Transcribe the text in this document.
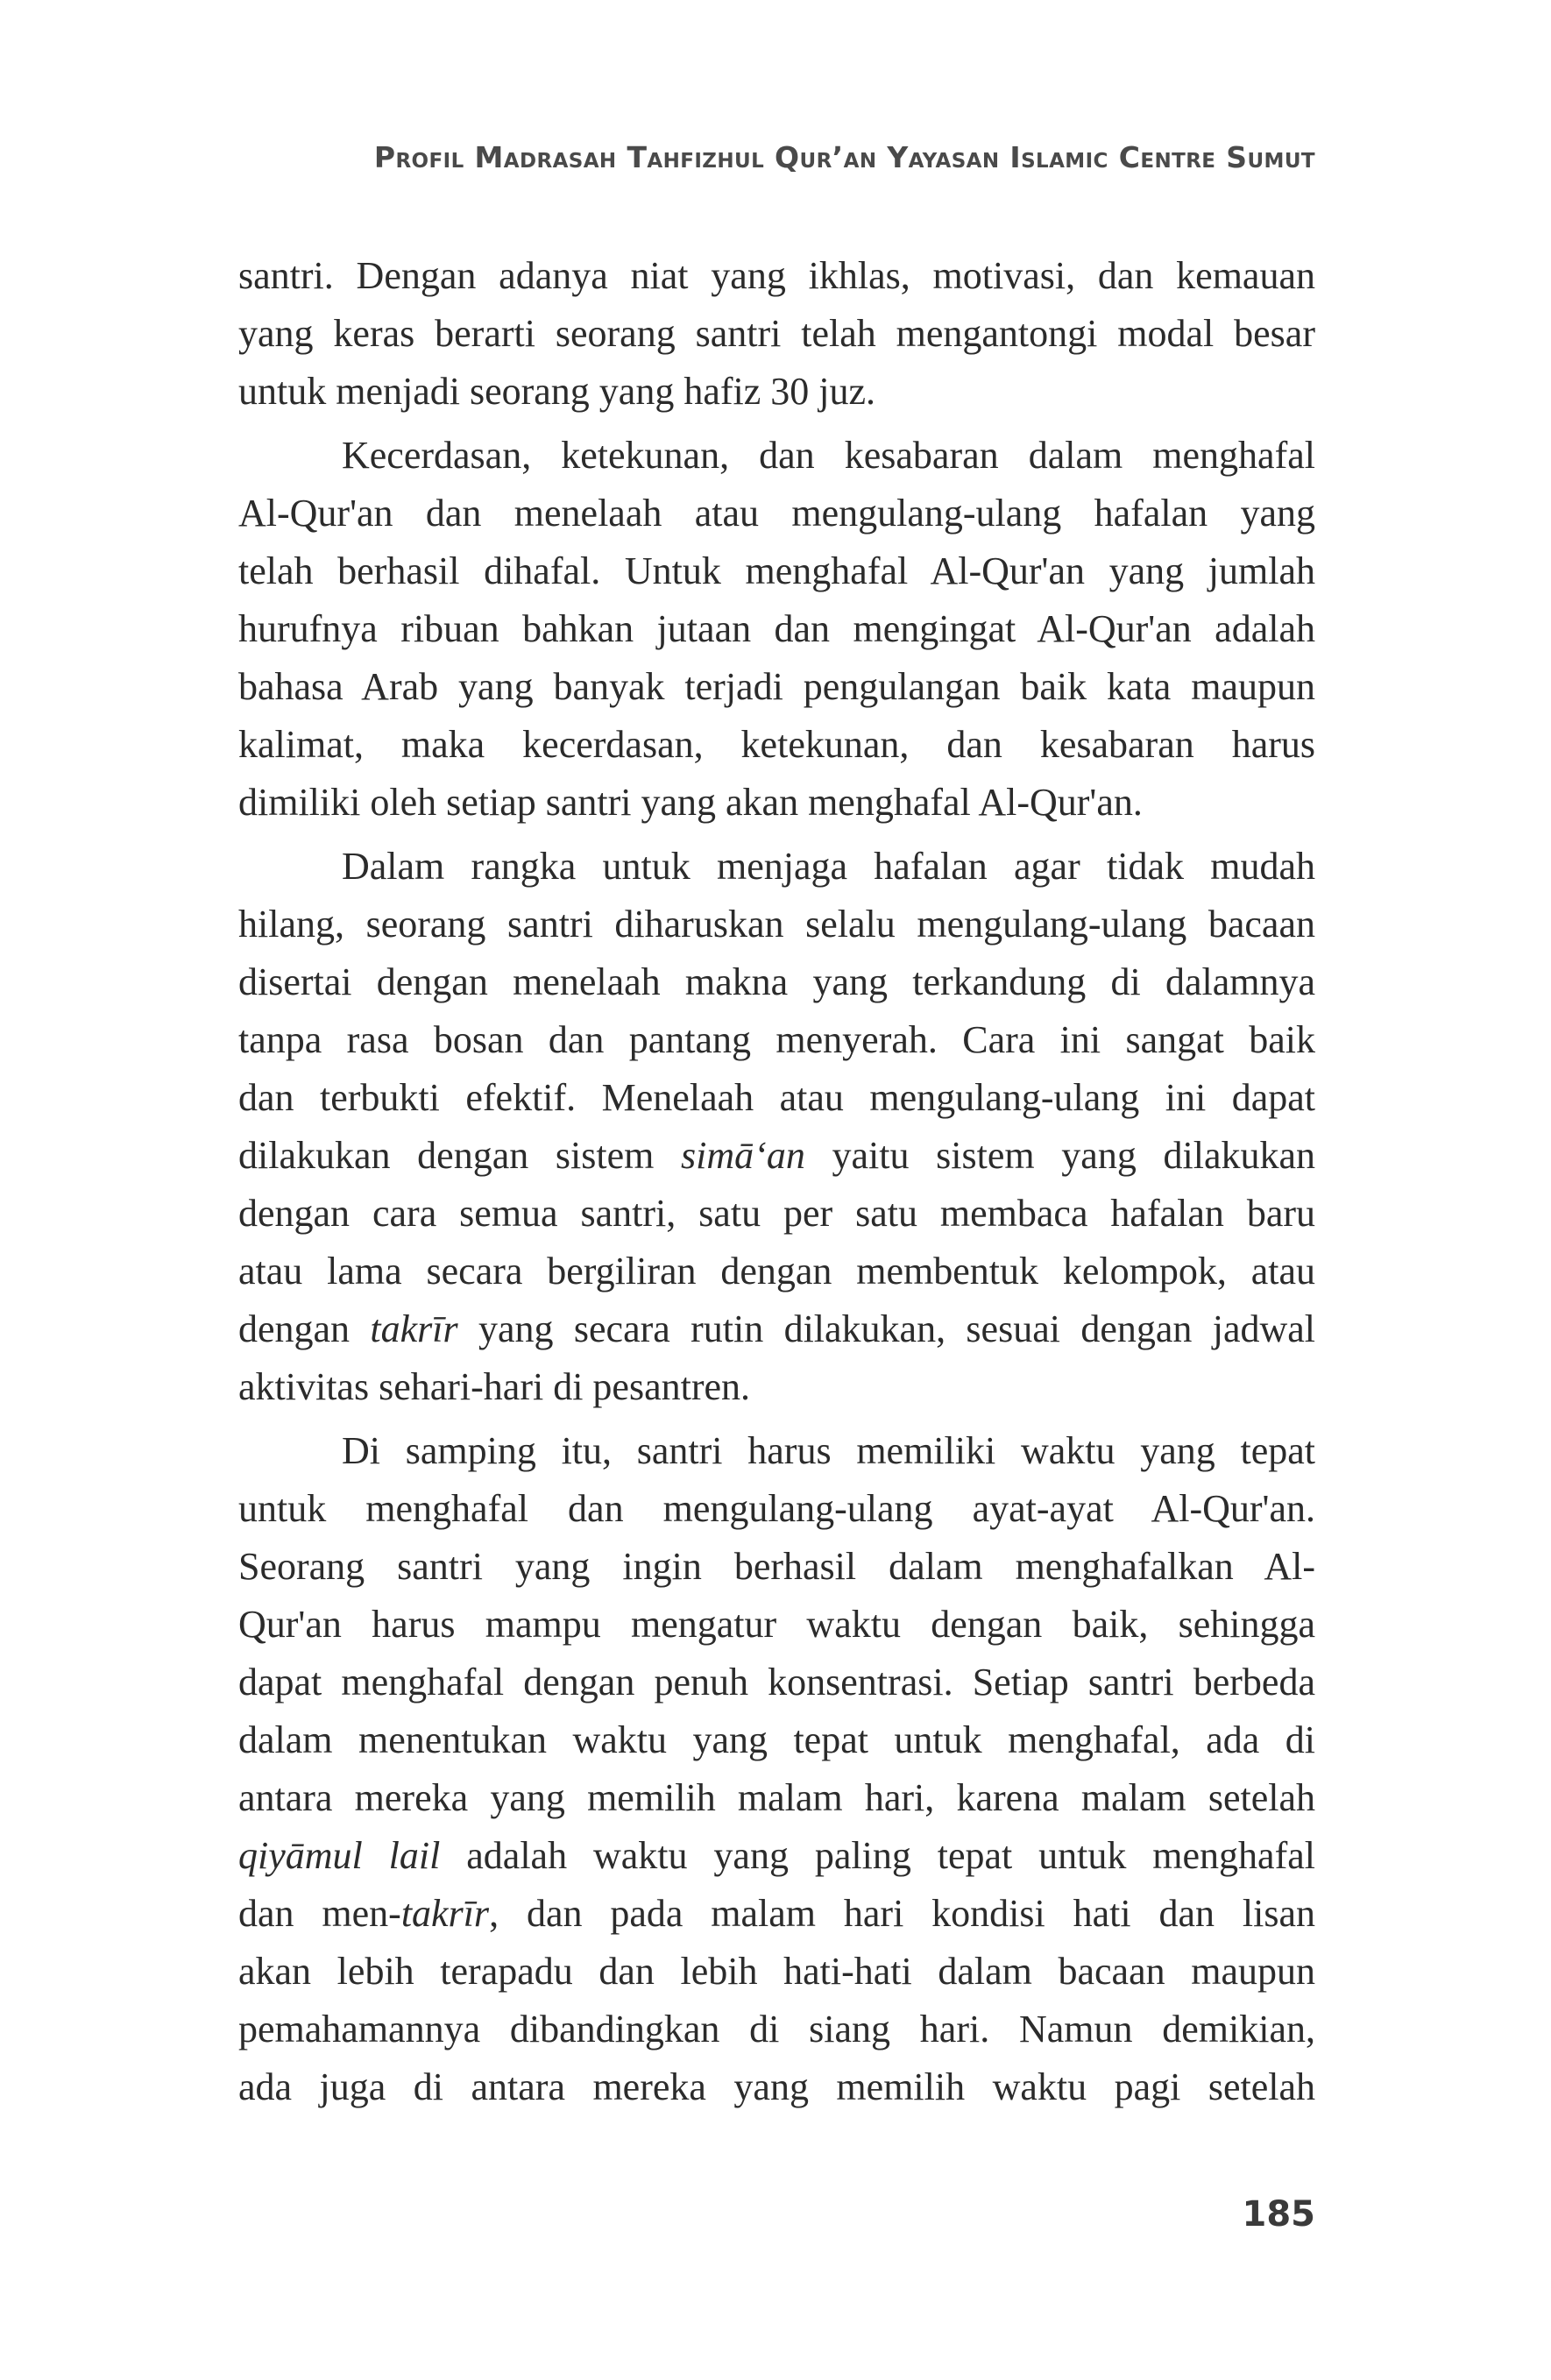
Profil Madrasah Tahfizhul Qur’an Yayasan Islamic Centre Sumut
santri. Dengan adanya niat yang ikhlas, motivasi, dan kemauan
yang keras berarti seorang santri telah mengantongi modal besar
untuk menjadi seorang yang hafiz 30 juz.
Kecerdasan, ketekunan, dan kesabaran dalam menghafal
Al-Qur'an dan menelaah atau mengulang-ulang hafalan yang
telah berhasil dihafal. Untuk menghafal Al-Qur'an yang jumlah
hurufnya ribuan bahkan jutaan dan mengingat Al-Qur'an adalah
bahasa Arab yang banyak terjadi pengulangan baik kata maupun
kalimat, maka kecerdasan, ketekunan, dan kesabaran harus
dimiliki oleh setiap santri yang akan menghafal Al-Qur'an.
Dalam rangka untuk menjaga hafalan agar tidak mudah
hilang, seorang santri diharuskan selalu mengulang-ulang bacaan
disertai dengan menelaah makna yang terkandung di dalamnya
tanpa rasa bosan dan pantang menyerah. Cara ini sangat baik
dan terbukti efektif. Menelaah atau mengulang-ulang ini dapat
dilakukan dengan sistem simā‘an yaitu sistem yang dilakukan
dengan cara semua santri, satu per satu membaca hafalan baru
atau lama secara bergiliran dengan membentuk kelompok, atau
dengan takrīr yang secara rutin dilakukan, sesuai dengan jadwal
aktivitas sehari-hari di pesantren.
Di samping itu, santri harus memiliki waktu yang tepat
untuk menghafal dan mengulang-ulang ayat-ayat Al-Qur'an.
Seorang santri yang ingin berhasil dalam menghafalkan Al-
Qur'an harus mampu mengatur waktu dengan baik, sehingga
dapat menghafal dengan penuh konsentrasi. Setiap santri berbeda
dalam menentukan waktu yang tepat untuk menghafal, ada di
antara mereka yang memilih malam hari, karena malam setelah
qiyāmul lail adalah waktu yang paling tepat untuk menghafal
dan men-takrīr, dan pada malam hari kondisi hati dan lisan
akan lebih terapadu dan lebih hati-hati dalam bacaan maupun
pemahamannya dibandingkan di siang hari. Namun demikian,
ada juga di antara mereka yang memilih waktu pagi setelah
185
